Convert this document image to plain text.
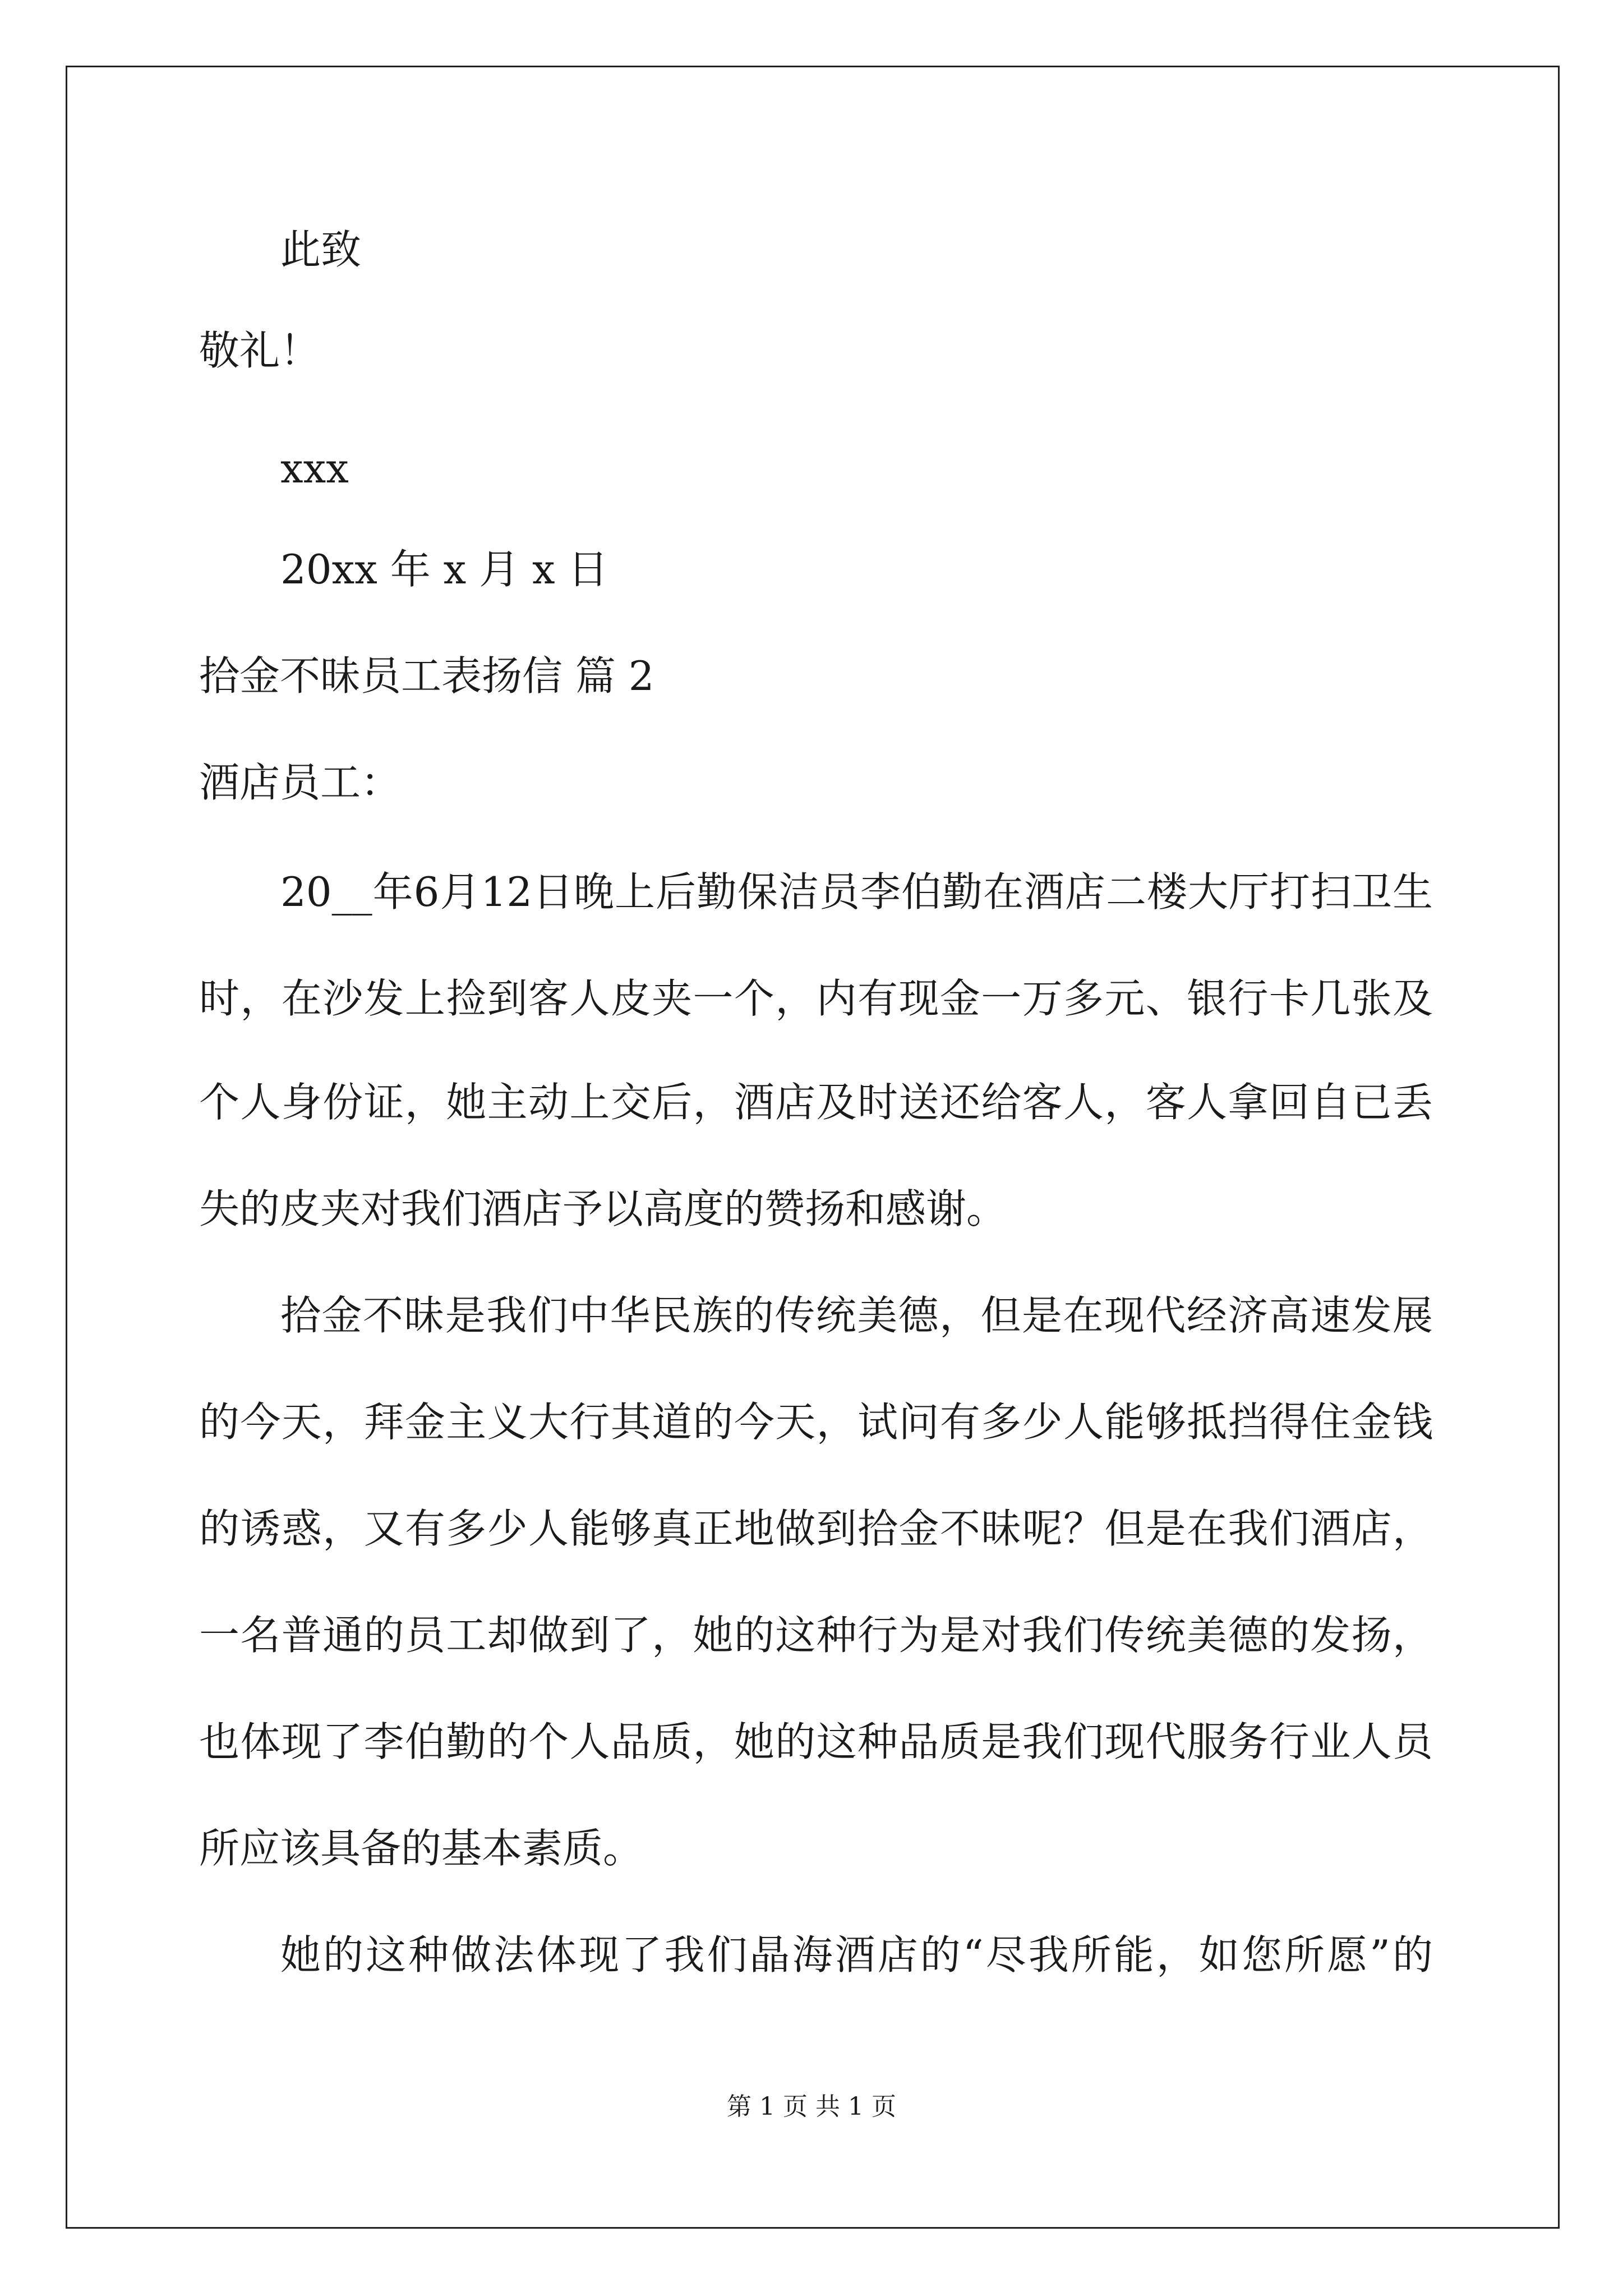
此致
敬礼！
xxx
20xx 年 x 月 x 日
拾金不昧员工表扬信 篇 2
酒店员工：
20__年6月12日晚上后勤保洁员李伯勤在酒店二楼大厅打扫卫生
时，在沙发上捡到客人皮夹一个，内有现金一万多元、银行卡几张及
个人身份证，她主动上交后，酒店及时送还给客人，客人拿回自已丢
失的皮夹对我们酒店予以高度的赞扬和感谢。
拾金不昧是我们中华民族的传统美德，但是在现代经济高速发展
的今天，拜金主义大行其道的今天，试问有多少人能够抵挡得住金钱
的诱惑，又有多少人能够真正地做到拾金不昧呢？但是在我们酒店，
一名普通的员工却做到了，她的这种行为是对我们传统美德的发扬，
也体现了李伯勤的个人品质，她的这种品质是我们现代服务行业人员
所应该具备的基本素质。
她的这种做法体现了我们晶海酒店的“尽我所能，如您所愿”的
第 1 页 共 1 页
